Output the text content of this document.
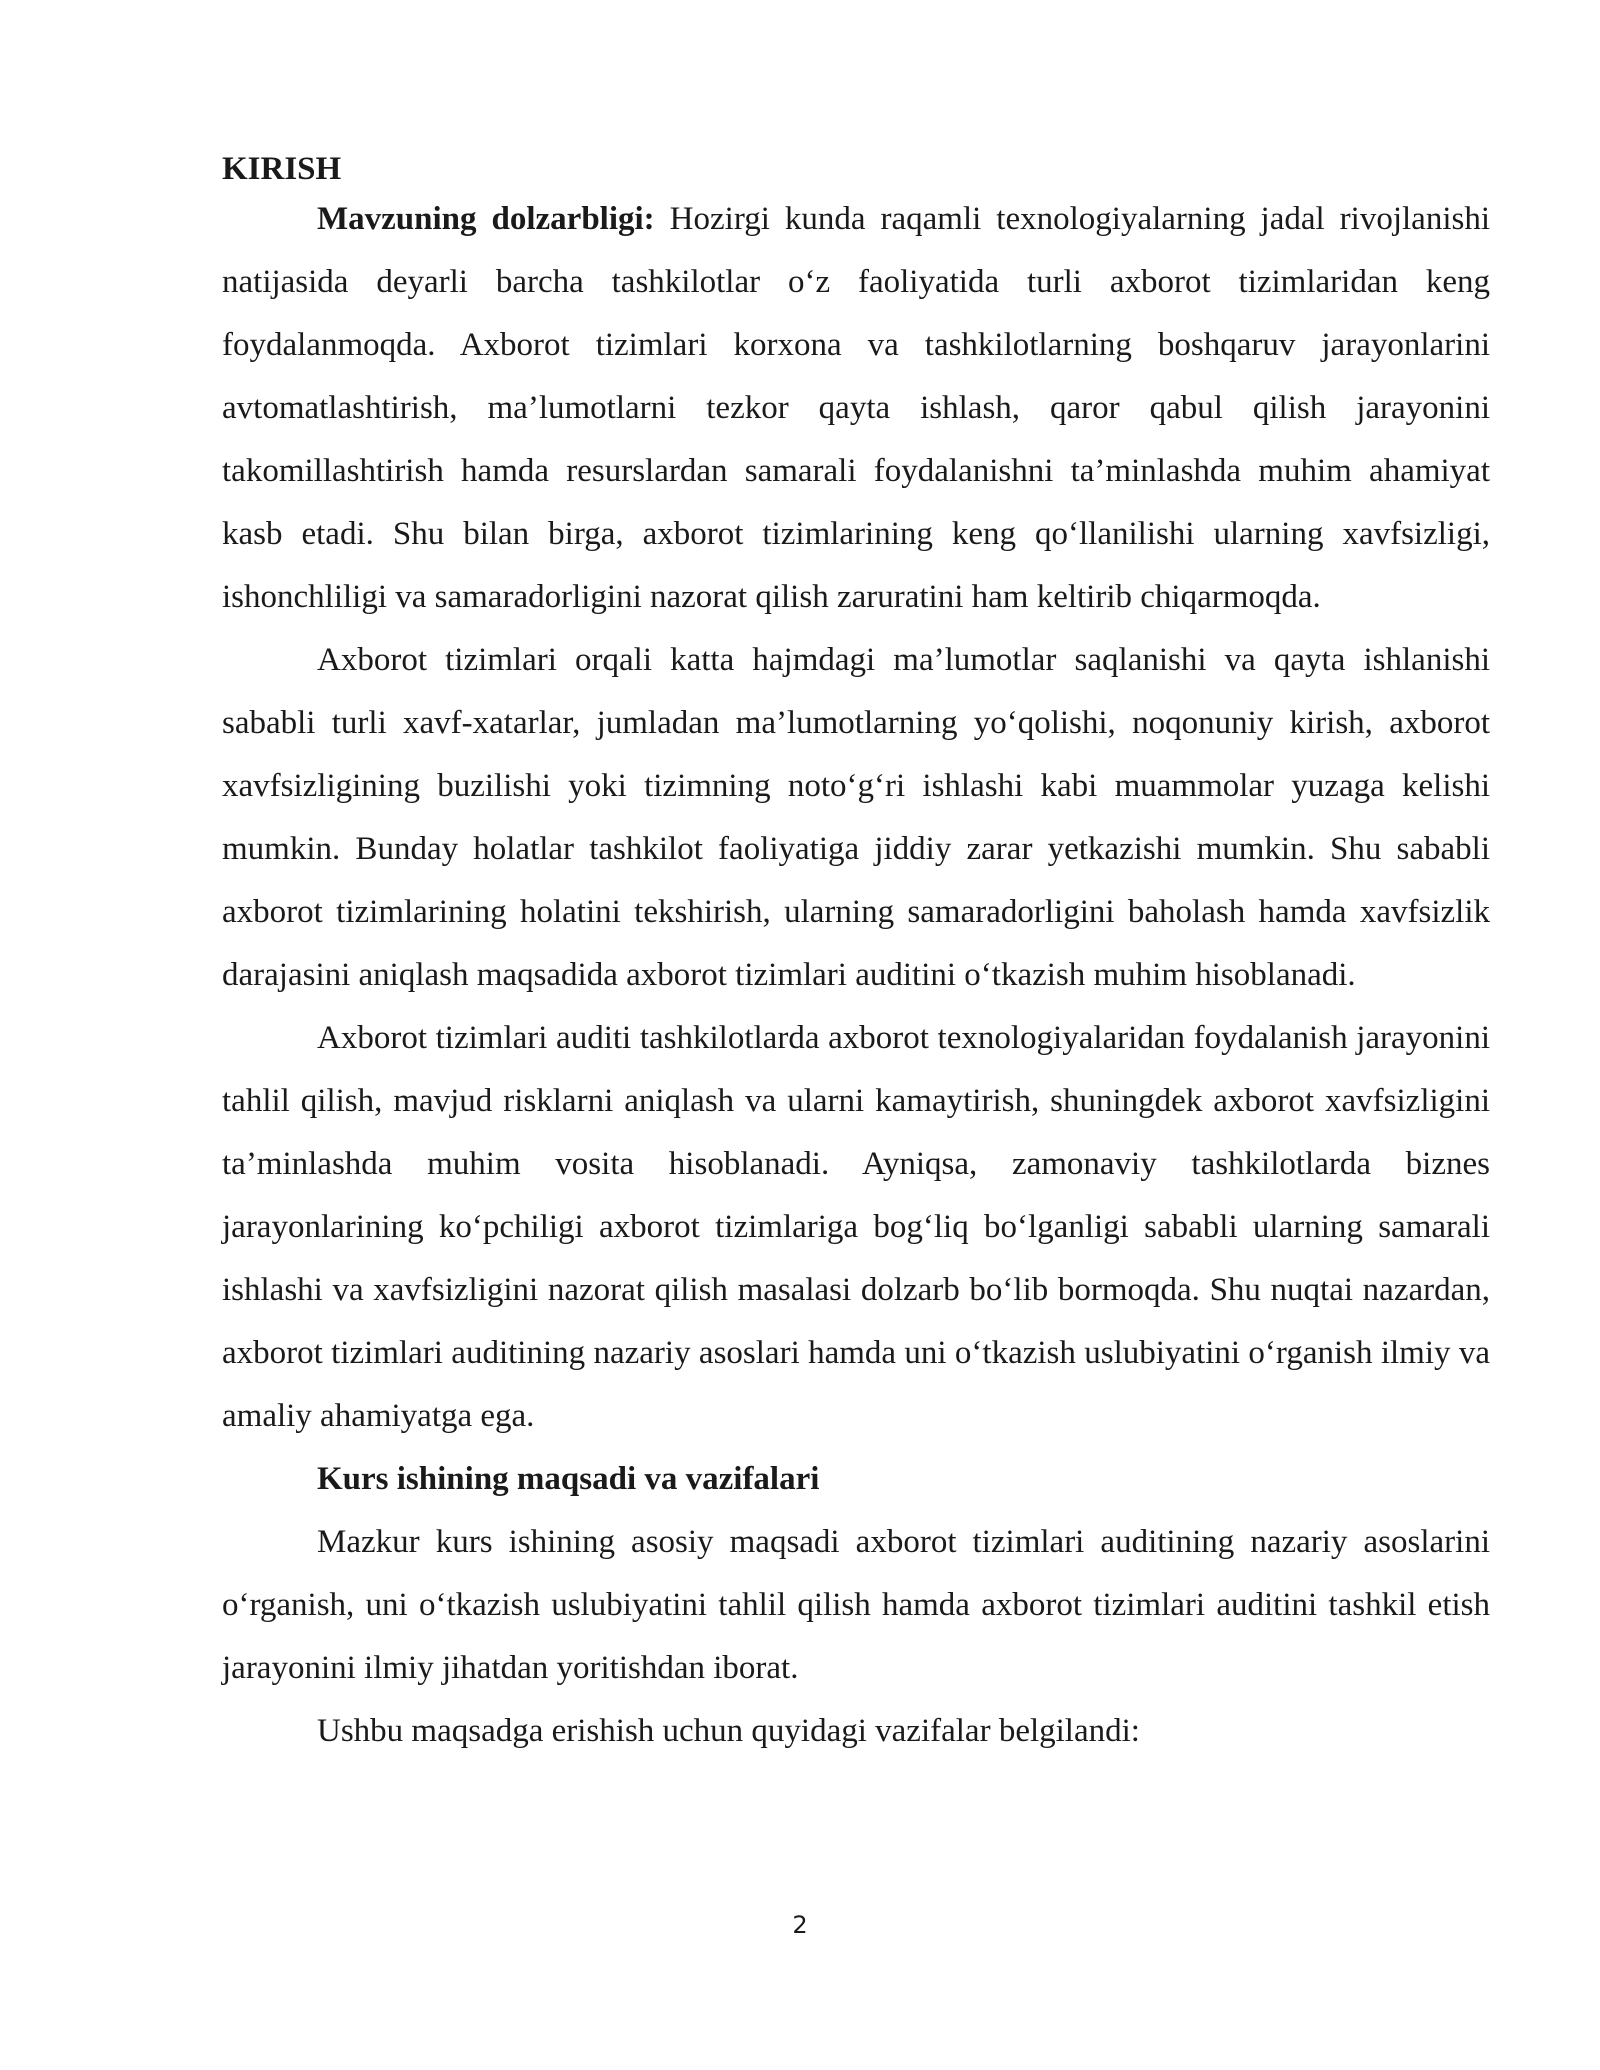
KIRISH

Mavzuning dolzarbligi: Hozirgi kunda raqamli texnologiyalarning jadal rivojlanishi natijasida deyarli barcha tashkilotlar o‘z faoliyatida turli axborot tizimlaridan keng foydalanmoqda. Axborot tizimlari korxona va tashkilotlarning boshqaruv jarayonlarini avtomatlashtirish, ma’lumotlarni tezkor qayta ishlash, qaror qabul qilish jarayonini takomillashtirish hamda resurslardan samarali foydalanishni ta’minlashda muhim ahamiyat kasb etadi. Shu bilan birga, axborot tizimlarining keng qo‘llanilishi ularning xavfsizligi, ishonchliligi va samaradorligini nazorat qilish zaruratini ham keltirib chiqarmoqda.

Axborot tizimlari orqali katta hajmdagi ma’lumotlar saqlanishi va qayta ishlanishi sababli turli xavf-xatarlar, jumladan ma’lumotlarning yo‘qolishi, noqonuniy kirish, axborot xavfsizligining buzilishi yoki tizimning noto‘g‘ri ishlashi kabi muammolar yuzaga kelishi mumkin. Bunday holatlar tashkilot faoliyatiga jiddiy zarar yetkazishi mumkin. Shu sababli axborot tizimlarining holatini tekshirish, ularning samaradorligini baholash hamda xavfsizlik darajasini aniqlash maqsadida axborot tizimlari auditini o‘tkazish muhim hisoblanadi.

Axborot tizimlari auditi tashkilotlarda axborot texnologiyalaridan foydalanish jarayonini tahlil qilish, mavjud risklarni aniqlash va ularni kamaytirish, shuningdek axborot xavfsizligini ta’minlashda muhim vosita hisoblanadi. Ayniqsa, zamonaviy tashkilotlarda biznes jarayonlarining ko‘pchiligi axborot tizimlariga bog‘liq bo‘lganligi sababli ularning samarali ishlashi va xavfsizligini nazorat qilish masalasi dolzarb bo‘lib bormoqda. Shu nuqtai nazardan, axborot tizimlari auditining nazariy asoslari hamda uni o‘tkazish uslubiyatini o‘rganish ilmiy va amaliy ahamiyatga ega.

Kurs ishining maqsadi va vazifalari

Mazkur kurs ishining asosiy maqsadi axborot tizimlari auditining nazariy asoslarini o‘rganish, uni o‘tkazish uslubiyatini tahlil qilish hamda axborot tizimlari auditini tashkil etish jarayonini ilmiy jihatdan yoritishdan iborat.

Ushbu maqsadga erishish uchun quyidagi vazifalar belgilandi:

2
